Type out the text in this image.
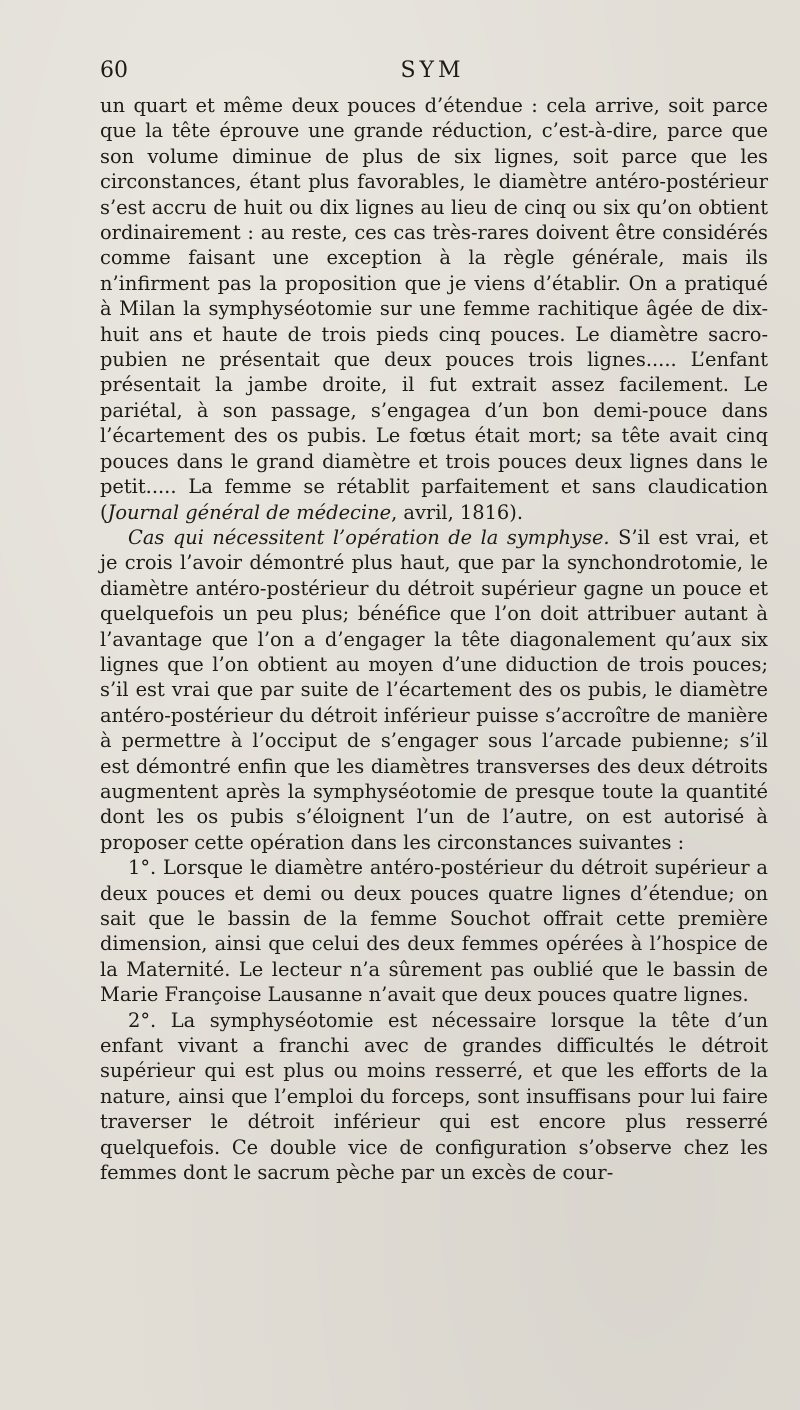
60	SYM

un quart et même deux pouces d’étendue : cela arrive, soit parce que la tête éprouve une grande réduction, c’est-à-dire, parce que son volume diminue de plus de six lignes, soit parce que les circonstances, étant plus favorables, le diamètre antéro-postérieur s’est accru de huit ou dix lignes au lieu de cinq ou six qu’on obtient ordinairement : au reste, ces cas très-rares doivent être considérés comme faisant une exception à la règle générale, mais ils n’infirment pas la proposition que je viens d’établir. On a pratiqué à Milan la symphyséotomie sur une femme rachitique âgée de dix-huit ans et haute de trois pieds cinq pouces. Le diamètre sacro-pubien ne présentait que deux pouces trois lignes..... L’enfant présentait la jambe droite, il fut extrait assez facilement. Le pariétal, à son passage, s’engagea d’un bon demi-pouce dans l’écartement des os pubis. Le fœtus était mort; sa tête avait cinq pouces dans le grand diamètre et trois pouces deux lignes dans le petit..... La femme se rétablit parfaitement et sans claudication (Journal général de médecine, avril, 1816).

Cas qui nécessitent l’opération de la symphyse. S’il est vrai, et je crois l’avoir démontré plus haut, que par la synchondrotomie, le diamètre antéro-postérieur du détroit supérieur gagne un pouce et quelquefois un peu plus; bénéfice que l’on doit attribuer autant à l’avantage que l’on a d’engager la tête diagonalement qu’aux six lignes que l’on obtient au moyen d’une diduction de trois pouces; s’il est vrai que par suite de l’écartement des os pubis, le diamètre antéro-postérieur du détroit inférieur puisse s’accroître de manière à permettre à l’occiput de s’engager sous l’arcade pubienne; s’il est démontré enfin que les diamètres transverses des deux détroits augmentent après la symphyséotomie de presque toute la quantité dont les os pubis s’éloignent l’un de l’autre, on est autorisé à proposer cette opération dans les circonstances suivantes :

1°. Lorsque le diamètre antéro-postérieur du détroit supérieur a deux pouces et demi ou deux pouces quatre lignes d’étendue; on sait que le bassin de la femme Souchot offrait cette première dimension, ainsi que celui des deux femmes opérées à l’hospice de la Maternité. Le lecteur n’a sûrement pas oublié que le bassin de Marie Françoise Lausanne n’avait que deux pouces quatre lignes.

2°. La symphyséotomie est nécessaire lorsque la tête d’un enfant vivant a franchi avec de grandes difficultés le détroit supérieur qui est plus ou moins resserré, et que les efforts de la nature, ainsi que l’emploi du forceps, sont insuffisans pour lui faire traverser le détroit inférieur qui est encore plus resserré quelquefois. Ce double vice de configuration s’observe chez les femmes dont le sacrum pèche par un excès de cour-
